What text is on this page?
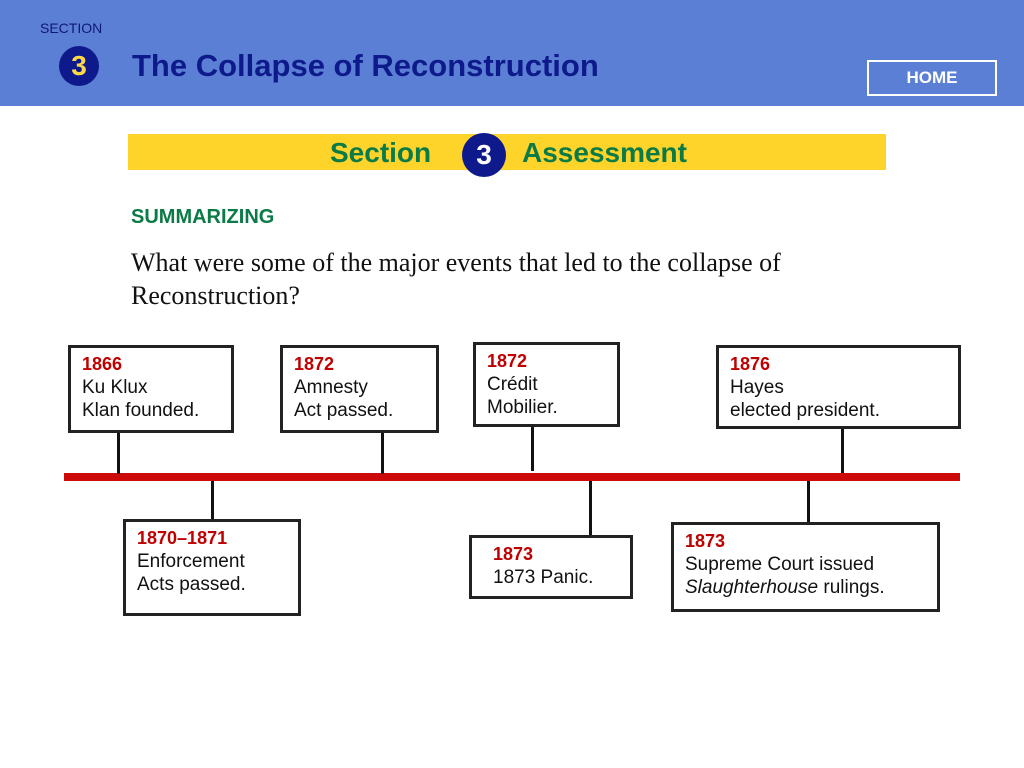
SECTION
3	The Collapse of Reconstruction	HOME
Section	3	Assessment
SUMMARIZING
What were some of the major events that led to the collapse of Reconstruction?
1866
Ku Klux
Klan founded.
1872
Amnesty
Act passed.
1872
Crédit
Mobilier.
1876
Hayes
elected president.
1870–1871
Enforcement
Acts passed.
1873
1873 Panic.
1873
Supreme Court issued
Slaughterhouse rulings.
